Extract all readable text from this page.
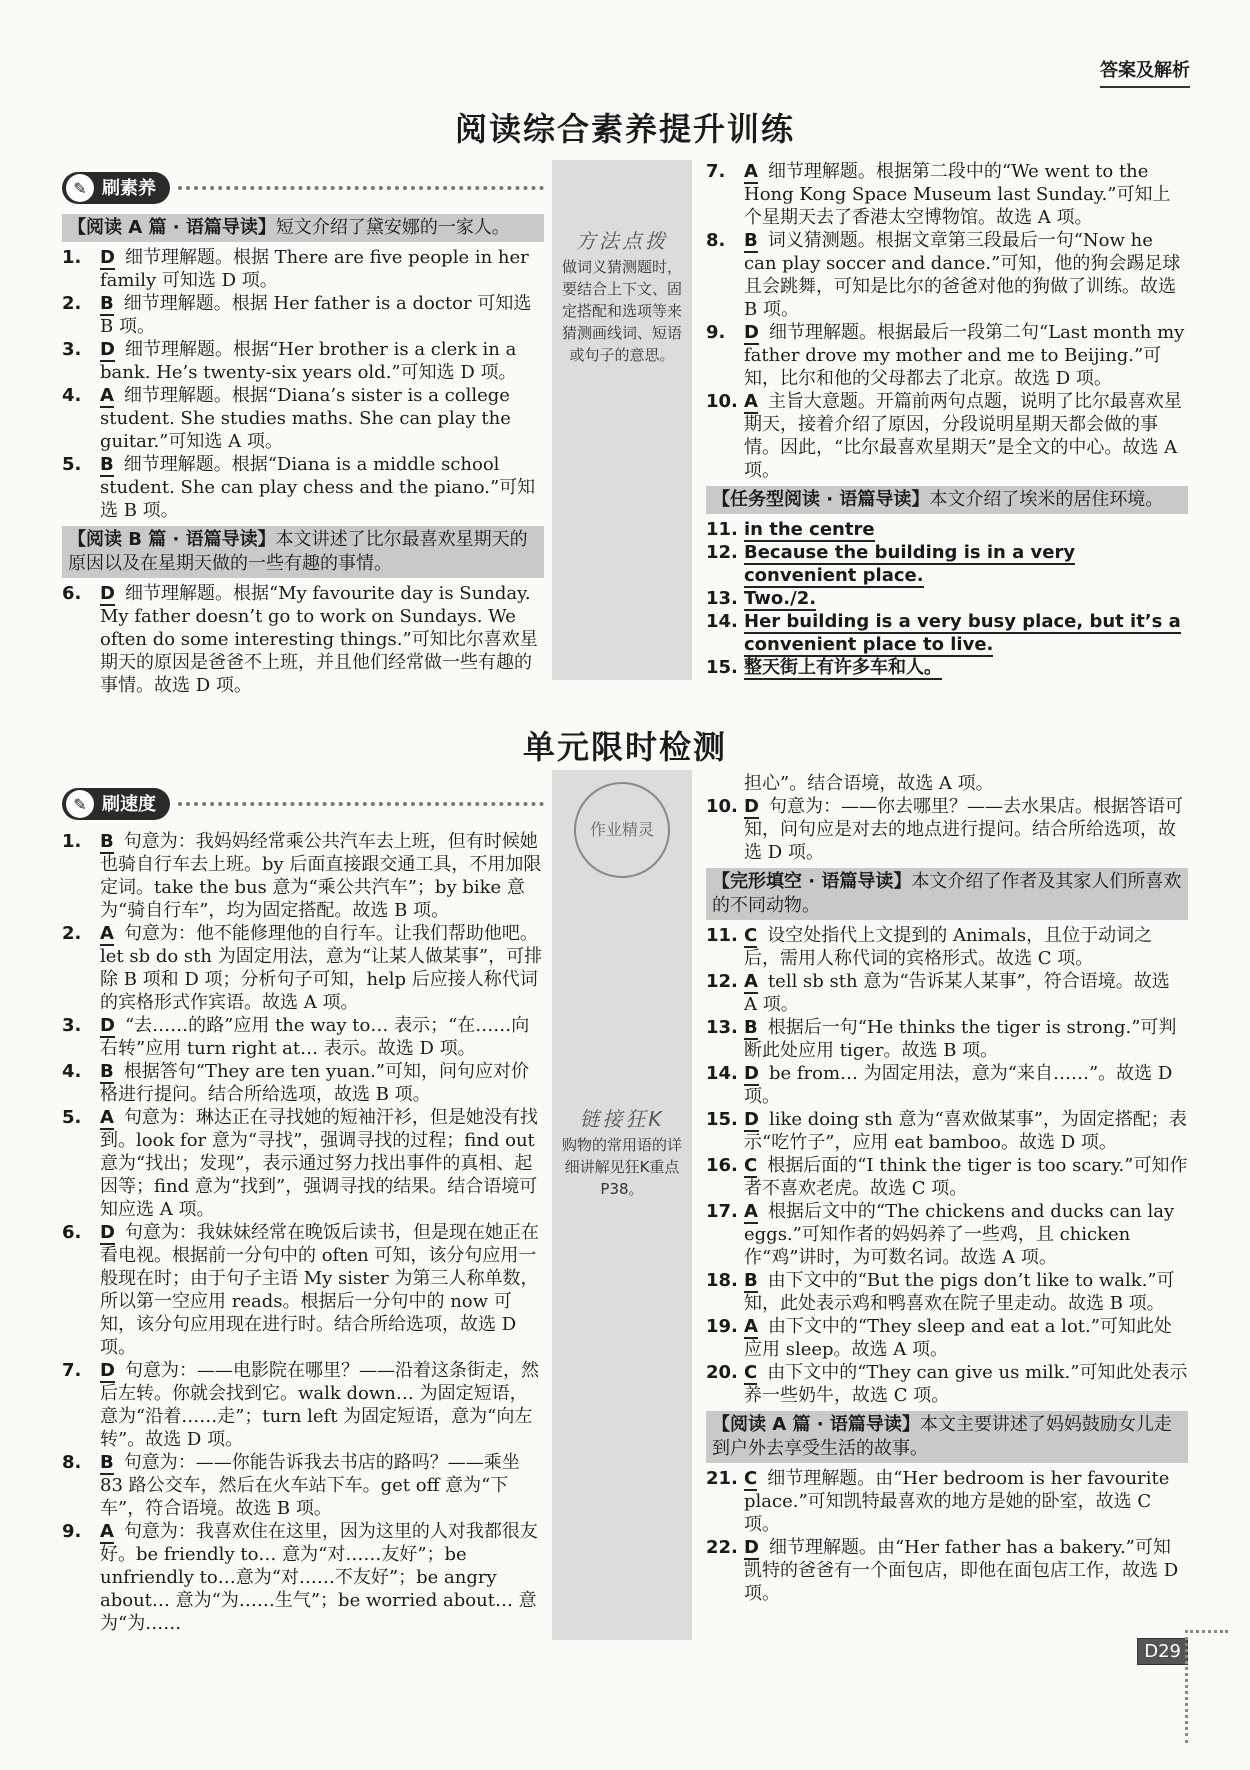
答案及解析
阅读综合素养提升训练
✎ 刷素养
【阅读 A 篇 · 语篇导读】短文介绍了黛安娜的一家人。
1.	D 细节理解题。根据 There are five people in her family 可知选 D 项。
2.	B 细节理解题。根据 Her father is a doctor 可知选 B 项。
3.	D 细节理解题。根据“Her brother is a clerk in a bank. He’s twenty-six years old.”可知选 D 项。
4.	A 细节理解题。根据“Diana’s sister is a college student. She studies maths. She can play the guitar.”可知选 A 项。
5.	B 细节理解题。根据“Diana is a middle school student. She can play chess and the piano.”可知选 B 项。
【阅读 B 篇 · 语篇导读】本文讲述了比尔最喜欢星期天的原因以及在星期天做的一些有趣的事情。
6.	D 细节理解题。根据“My favourite day is Sunday. My father doesn’t go to work on Sundays. We often do some interesting things.”可知比尔喜欢星期天的原因是爸爸不上班，并且他们经常做一些有趣的事情。故选 D 项。
方法点拨
做词义猜测题时，要结合上下文、固定搭配和选项等来猜测画线词、短语或句子的意思。
7.	A 细节理解题。根据第二段中的“We went to the Hong Kong Space Museum last Sunday.”可知上个星期天去了香港太空博物馆。故选 A 项。
8.	B 词义猜测题。根据文章第三段最后一句“Now he can play soccer and dance.”可知，他的狗会踢足球且会跳舞，可知是比尔的爸爸对他的狗做了训练。故选 B 项。
9.	D 细节理解题。根据最后一段第二句“Last month my father drove my mother and me to Beijing.”可知，比尔和他的父母都去了北京。故选 D 项。
10. A 主旨大意题。开篇前两句点题，说明了比尔最喜欢星期天，接着介绍了原因，分段说明星期天都会做的事情。因此，“比尔最喜欢星期天”是全文的中心。故选 A 项。
【任务型阅读 · 语篇导读】本文介绍了埃米的居住环境。
11. in the centre
12. Because the building is in a very convenient place.
13. Two./2.
14. Her building is a very busy place, but it’s a convenient place to live.
15. 整天街上有许多车和人。
单元限时检测
✎ 刷速度
1.	B 句意为：我妈妈经常乘公共汽车去上班，但有时候她也骑自行车去上班。by 后面直接跟交通工具，不用加限定词。take the bus 意为“乘公共汽车”；by bike 意为“骑自行车”，均为固定搭配。故选 B 项。
2.	A 句意为：他不能修理他的自行车。让我们帮助他吧。let sb do sth 为固定用法，意为“让某人做某事”，可排除 B 项和 D 项；分析句子可知，help 后应接人称代词的宾格形式作宾语。故选 A 项。
3.	D “去……的路”应用 the way to… 表示；“在……向右转”应用 turn right at… 表示。故选 D 项。
4.	B 根据答句“They are ten yuan.”可知，问句应对价格进行提问。结合所给选项，故选 B 项。
5.	A 句意为：琳达正在寻找她的短袖汗衫，但是她没有找到。look for 意为“寻找”，强调寻找的过程；find out 意为“找出；发现”，表示通过努力找出事件的真相、起因等；find 意为“找到”，强调寻找的结果。结合语境可知应选 A 项。
6.	D 句意为：我妹妹经常在晚饭后读书，但是现在她正在看电视。根据前一分句中的 often 可知，该分句应用一般现在时；由于句子主语 My sister 为第三人称单数，所以第一空应用 reads。根据后一分句中的 now 可知，该分句应用现在进行时。结合所给选项，故选 D 项。
7.	D 句意为：——电影院在哪里？——沿着这条街走，然后左转。你就会找到它。walk down… 为固定短语，意为“沿着……走”；turn left 为固定短语，意为“向左转”。故选 D 项。
8.	B 句意为：——你能告诉我去书店的路吗？——乘坐 83 路公交车，然后在火车站下车。get off 意为“下车”，符合语境。故选 B 项。
9.	A 句意为：我喜欢住在这里，因为这里的人对我都很友好。be friendly to… 意为“对……友好”；be unfriendly to…意为“对……不友好”；be angry about… 意为“为……生气”；be worried about… 意为“为……
作业精灵
链接狂K
购物的常用语的详细讲解见狂K重点P38。
担心”。结合语境，故选 A 项。
10. D 句意为：——你去哪里？——去水果店。根据答语可知，问句应是对去的地点进行提问。结合所给选项，故选 D 项。
【完形填空 · 语篇导读】本文介绍了作者及其家人们所喜欢的不同动物。
11. C 设空处指代上文提到的 Animals，且位于动词之后，需用人称代词的宾格形式。故选 C 项。
12. A tell sb sth 意为“告诉某人某事”，符合语境。故选 A 项。
13. B 根据后一句“He thinks the tiger is strong.”可判断此处应用 tiger。故选 B 项。
14. D be from… 为固定用法，意为“来自……”。故选 D 项。
15. D like doing sth 意为“喜欢做某事”，为固定搭配；表示“吃竹子”，应用 eat bamboo。故选 D 项。
16. C 根据后面的“I think the tiger is too scary.”可知作者不喜欢老虎。故选 C 项。
17. A 根据后文中的“The chickens and ducks can lay eggs.”可知作者的妈妈养了一些鸡，且 chicken 作“鸡”讲时，为可数名词。故选 A 项。
18. B 由下文中的“But the pigs don’t like to walk.”可知，此处表示鸡和鸭喜欢在院子里走动。故选 B 项。
19. A 由下文中的“They sleep and eat a lot.”可知此处应用 sleep。故选 A 项。
20. C 由下文中的“They can give us milk.”可知此处表示养一些奶牛，故选 C 项。
【阅读 A 篇 · 语篇导读】本文主要讲述了妈妈鼓励女儿走到户外去享受生活的故事。
21. C 细节理解题。由“Her bedroom is her favourite place.”可知凯特最喜欢的地方是她的卧室，故选 C 项。
22. D 细节理解题。由“Her father has a bakery.”可知凯特的爸爸有一个面包店，即他在面包店工作，故选 D 项。
D29
